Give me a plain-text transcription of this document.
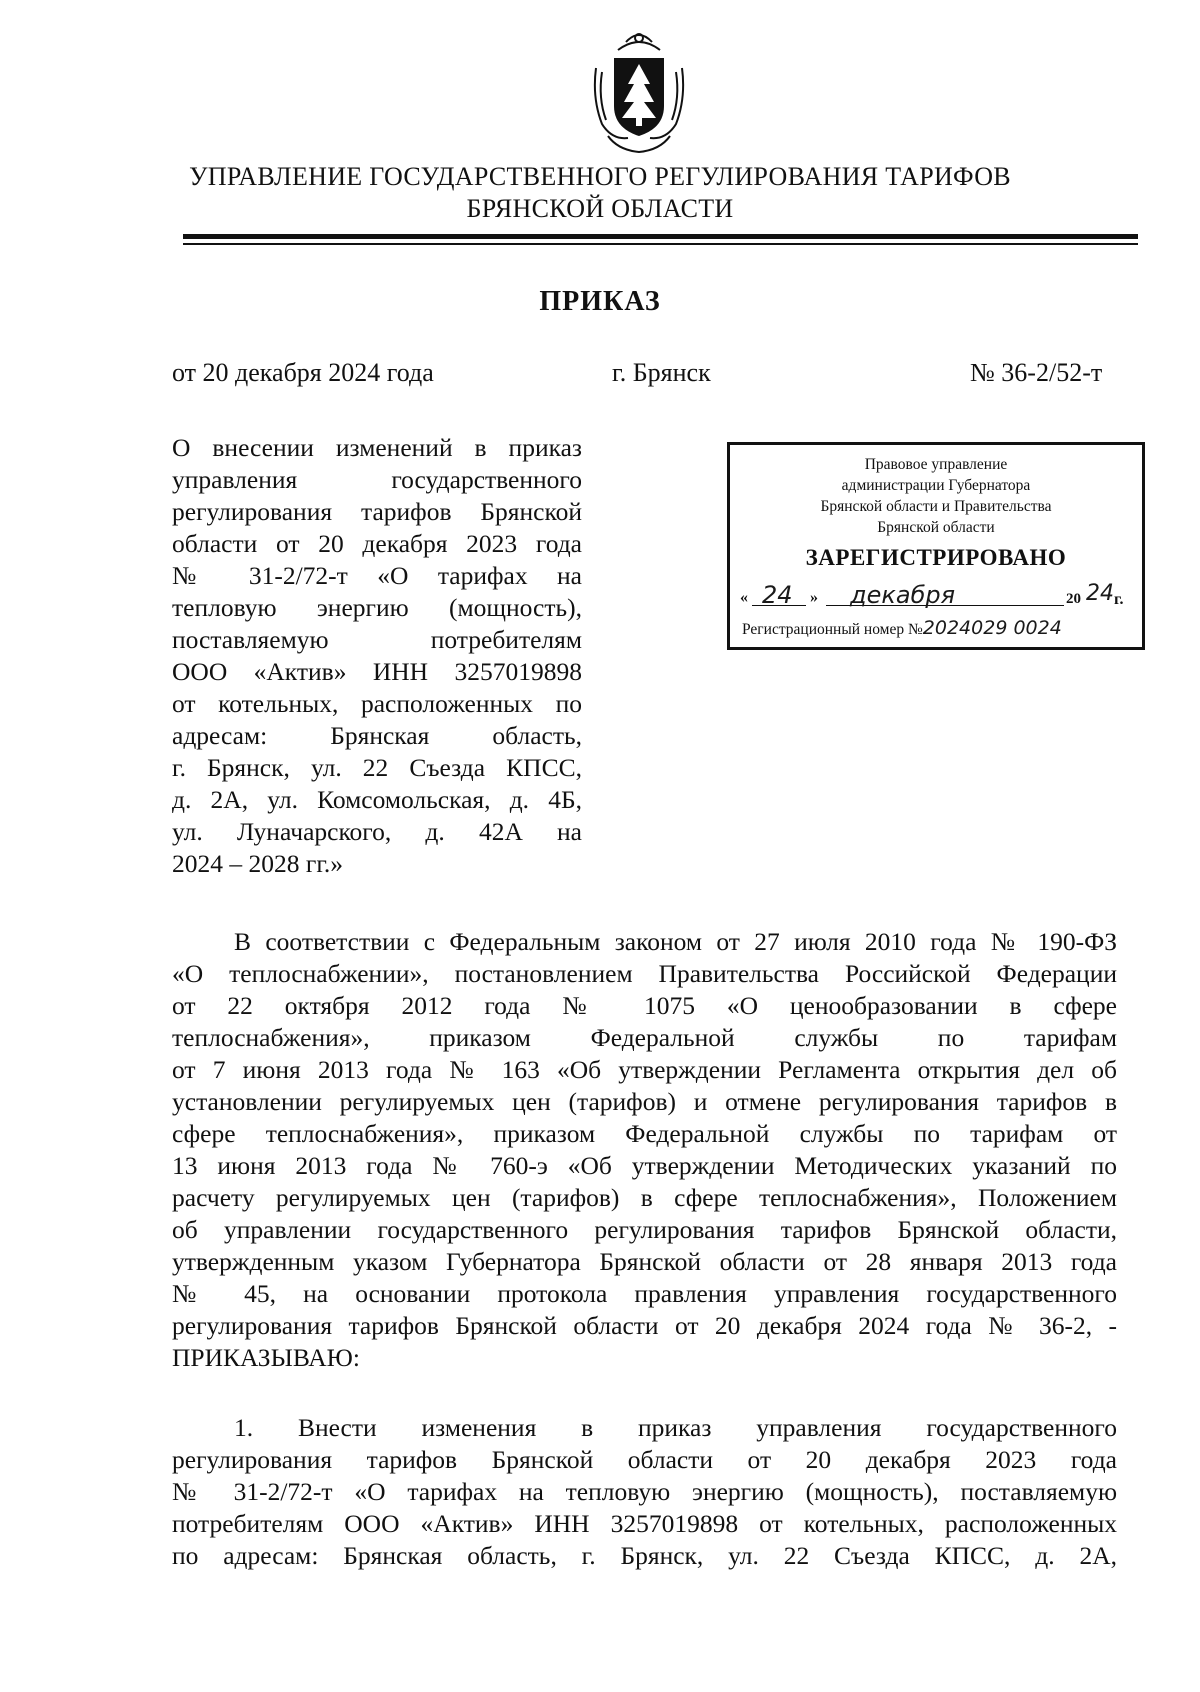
УПРАВЛЕНИЕ ГОСУДАРСТВЕННОГО РЕГУЛИРОВАНИЯ ТАРИФОВ
БРЯНСКОЙ ОБЛАСТИ
ПРИКАЗ
от 20 декабря 2024 года	г. Брянск	№ 36-2/52-т
О внесении изменений в приказ
управления государственного
регулирования тарифов Брянской
области от 20 декабря 2023 года
№ 31-2/72-т «О тарифах на
тепловую энергию (мощность),
поставляемую потребителям
ООО «Актив» ИНН 3257019898
от котельных, расположенных по
адресам: Брянская область,
г. Брянск, ул. 22 Съезда КПСС,
д. 2А, ул. Комсомольская, д. 4Б,
ул. Луначарского, д. 42А на
2024 – 2028 гг.»
Правовое управление
администрации Губернатора
Брянской области и Правительства
Брянской области
ЗАРЕГИСТРИРОВАНО
« 24 » декабря	20 24 г.
Регистрационный номер №2024029 0024
В соответствии с Федеральным законом от 27 июля 2010 года № 190-ФЗ
«О теплоснабжении», постановлением Правительства Российской Федерации
от 22 октября 2012 года № 1075 «О ценообразовании в сфере
теплоснабжения», приказом Федеральной службы по тарифам
от 7 июня 2013 года № 163 «Об утверждении Регламента открытия дел об
установлении регулируемых цен (тарифов) и отмене регулирования тарифов в
сфере теплоснабжения», приказом Федеральной службы по тарифам от
13 июня 2013 года № 760-э «Об утверждении Методических указаний по
расчету регулируемых цен (тарифов) в сфере теплоснабжения», Положением
об управлении государственного регулирования тарифов Брянской области,
утвержденным указом Губернатора Брянской области от 28 января 2013 года
№ 45, на основании протокола правления управления государственного
регулирования тарифов Брянской области от 20 декабря 2024 года № 36-2, -
ПРИКАЗЫВАЮ:
1. Внести изменения в приказ управления государственного
регулирования тарифов Брянской области от 20 декабря 2023 года
№ 31-2/72-т «О тарифах на тепловую энергию (мощность), поставляемую
потребителям ООО «Актив» ИНН 3257019898 от котельных, расположенных
по адресам: Брянская область, г. Брянск, ул. 22 Съезда КПСС, д. 2А,
